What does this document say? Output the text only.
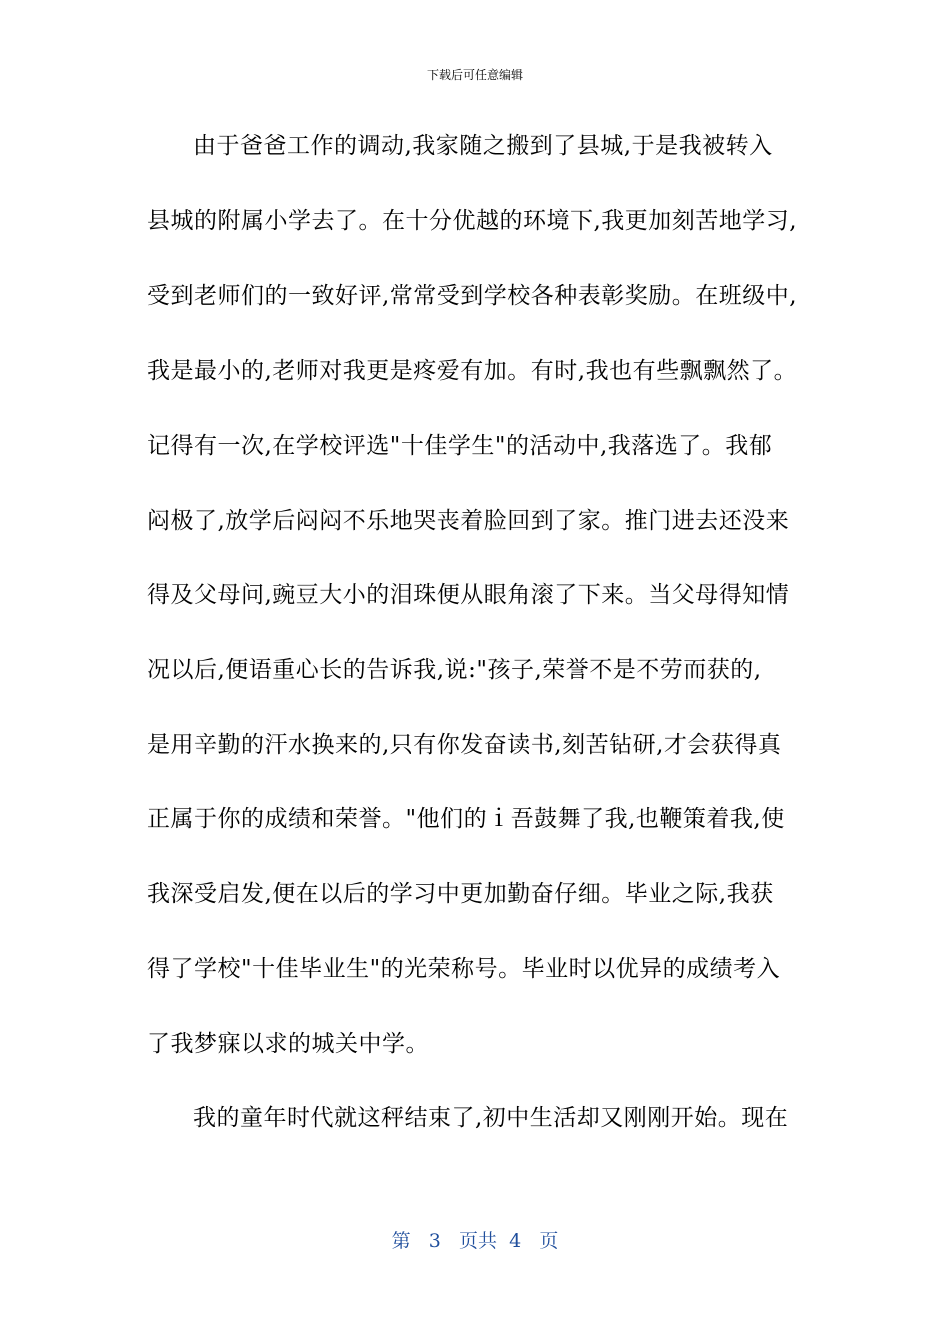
下载后可任意编辑
由于爸爸工作的调动,我家随之搬到了县城,于是我被转入
县城的附属小学去了。在十分优越的环境下,我更加刻苦地学习,
受到老师们的一致好评,常常受到学校各种表彰奖励。在班级中,
我是最小的,老师对我更是疼爱有加。有时,我也有些飘飘然了。
记得有一次,在学校评选"十佳学生"的活动中,我落选了。我郁
闷极了,放学后闷闷不乐地哭丧着脸回到了家。推门进去还没来
得及父母问,豌豆大小的泪珠便从眼角滚了下来。当父母得知情
况以后,便语重心长的告诉我,说:"孩子,荣誉不是不劳而获的,
是用辛勤的汗水换来的,只有你发奋读书,刻苦钻研,才会获得真
正属于你的成绩和荣誉。"他们的ｉ吾鼓舞了我,也鞭策着我,使
我深受启发,便在以后的学习中更加勤奋仔细。毕业之际,我获
得了学校"十佳毕业生"的光荣称号。毕业时以优异的成绩考入
了我梦寐以求的城关中学。
我的童年时代就这秤结束了,初中生活却又刚刚开始。现在
第 3 页共 4 页
